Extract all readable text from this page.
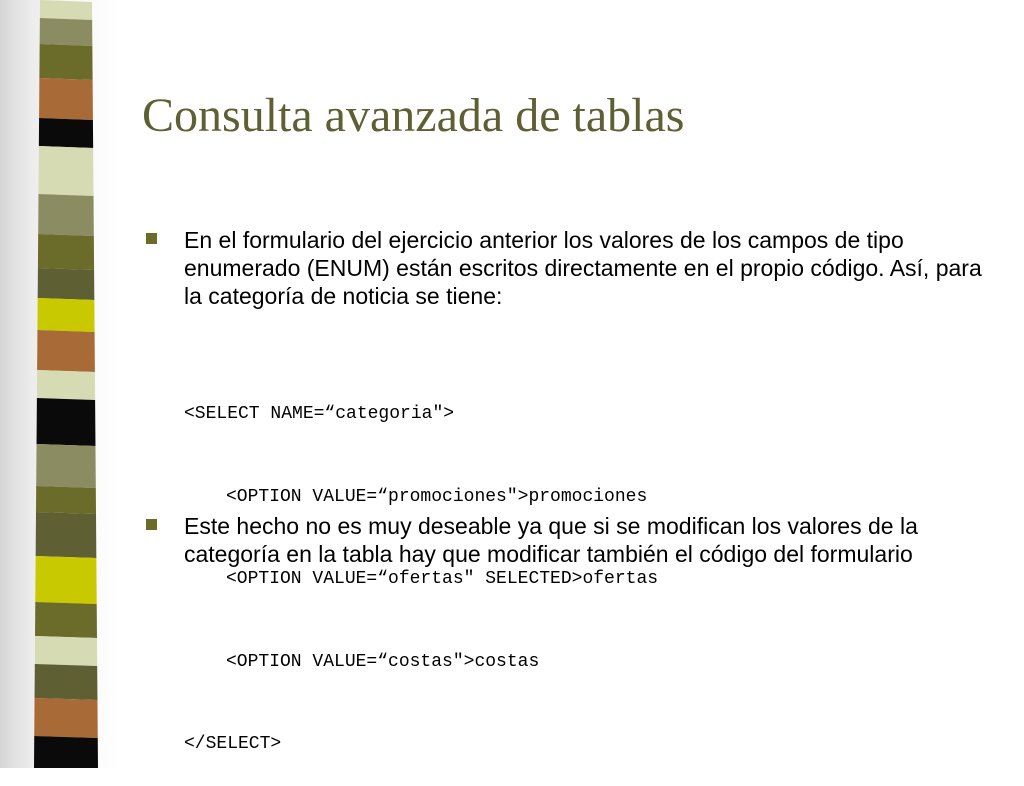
Consulta avanzada de tablas
En el formulario del ejercicio anterior los valores de los campos de tipo enumerado (ENUM) están escritos directamente en el propio código. Así, para la categoría de noticia se tiene:

<SELECT NAME=“categoria">

<OPTION VALUE=“promociones">promociones

<OPTION VALUE=“ofertas" SELECTED>ofertas

<OPTION VALUE=“costas">costas

</SELECT>

Este hecho no es muy deseable ya que si se modifican los valores de la categoría en la tabla hay que modificar también el código del formulario
